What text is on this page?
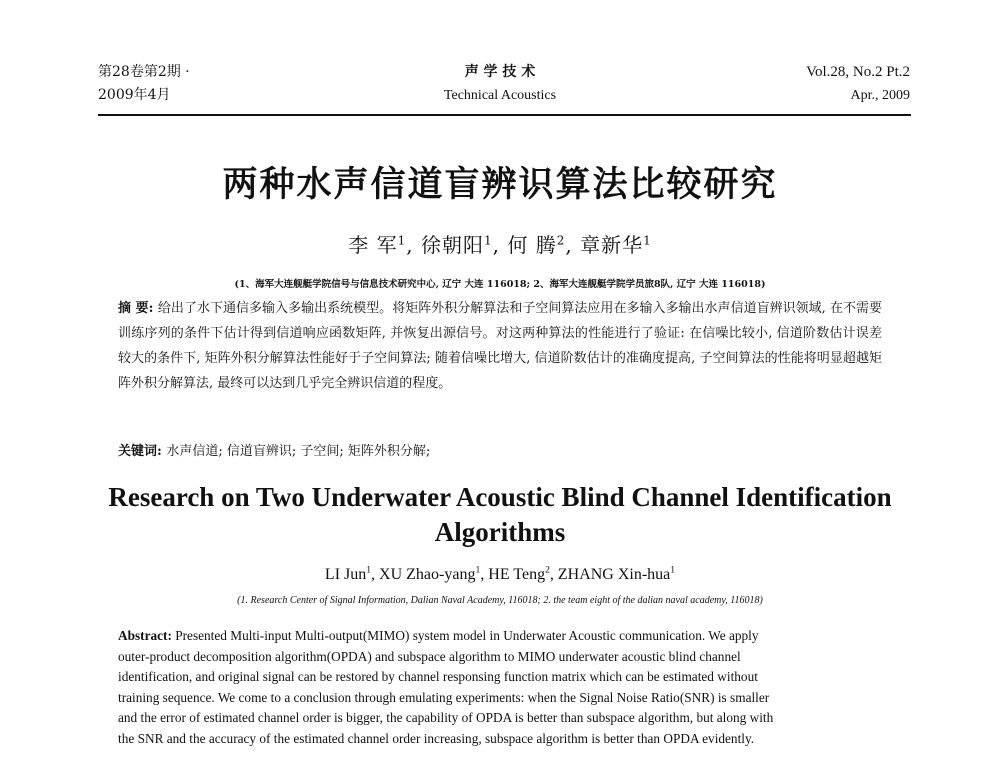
第28卷第2期 ·
2009年4月
声 学 技 术
Technical Acoustics
Vol.28, No.2 Pt.2
Apr., 2009
两种水声信道盲辨识算法比较研究
李 军$^1$, 徐朝阳$^1$, 何 腾$^2$, 章新华$^1$
(1、海军大连舰艇学院信号与信息技术研究中心, 辽宁 大连 116018; 2、海军大连舰艇学院学员旅8队, 辽宁 大连 116018)
摘 要: 给出了水下通信多输入多输出系统模型。将矩阵外积分解算法和子空间算法应用在多输入多输出水声信道盲辨识领域, 在不需要训练序列的条件下估计得到信道响应函数矩阵, 并恢复出源信号。对这两种算法的性能进行了验证: 在信噪比较小, 信道阶数估计误差较大的条件下, 矩阵外积分解算法性能好于子空间算法; 随着信噪比增大, 信道阶数估计的准确度提高, 子空间算法的性能将明显超越矩阵外积分解算法, 最终可以达到几乎完全辨识信道的程度。
关键词: 水声信道; 信道盲辨识; 子空间; 矩阵外积分解;
Research on Two Underwater Acoustic Blind Channel Identification
Algorithms
LI Jun$^1$, XU Zhao-yang$^1$, HE Teng$^2$, ZHANG Xin-hua$^1$
(1. Research Center of Signal Information, Dalian Naval Academy, 116018; 2. the team eight of the dalian naval academy, 116018)
Abstract: Presented Multi-input Multi-output(MIMO) system model in Underwater Acoustic communication. We apply
outer-product decomposition algorithm(OPDA) and subspace algorithm to MIMO underwater acoustic blind channel
identification, and original signal can be restored by channel responsing function matrix which can be estimated without
training sequence. We come to a conclusion through emulating experiments: when the Signal Noise Ratio(SNR) is smaller
and the error of estimated channel order is bigger, the capability of OPDA is better than subspace algorithm, but along with
the SNR and the accuracy of the estimated channel order increasing, subspace algorithm is better than OPDA evidently.
